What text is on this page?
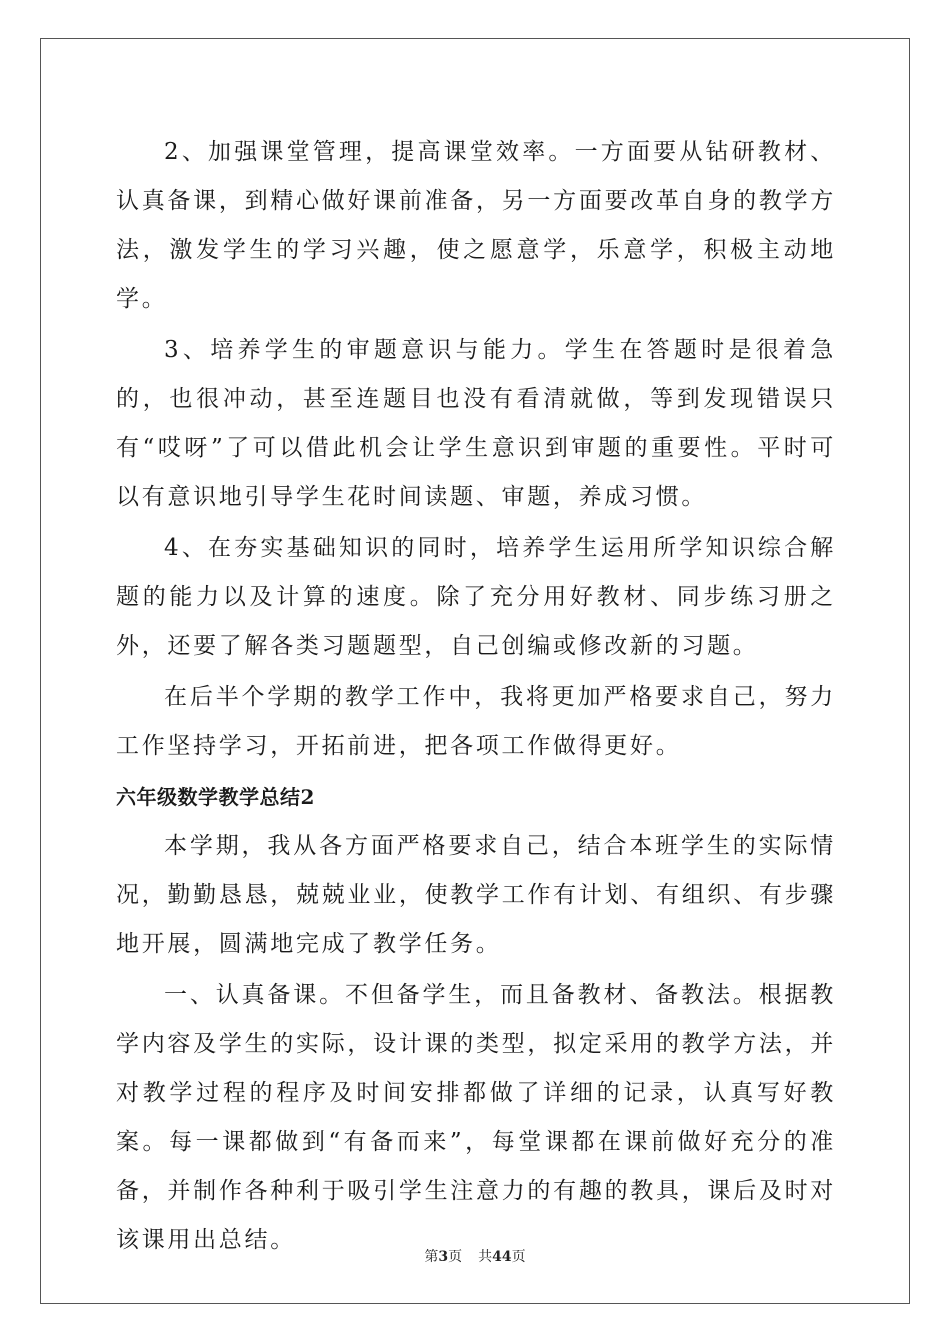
2、加强课堂管理，提高课堂效率。一方面要从钻研教材、认真备课，到精心做好课前准备，另一方面要改革自身的教学方法，激发学生的学习兴趣，使之愿意学，乐意学，积极主动地学。

3、培养学生的审题意识与能力。学生在答题时是很着急的，也很冲动，甚至连题目也没有看清就做，等到发现错误只有“哎呀”了可以借此机会让学生意识到审题的重要性。平时可以有意识地引导学生花时间读题、审题，养成习惯。

4、在夯实基础知识的同时，培养学生运用所学知识综合解题的能力以及计算的速度。除了充分用好教材、同步练习册之外，还要了解各类习题题型，自己创编或修改新的习题。

在后半个学期的教学工作中，我将更加严格要求自己，努力工作坚持学习，开拓前进，把各项工作做得更好。

六年级数学教学总结2

本学期，我从各方面严格要求自己，结合本班学生的实际情况，勤勤恳恳，兢兢业业，使教学工作有计划、有组织、有步骤地开展，圆满地完成了教学任务。

一、认真备课。不但备学生，而且备教材、备教法。根据教学内容及学生的实际，设计课的类型，拟定采用的教学方法，并对教学过程的程序及时间安排都做了详细的记录，认真写好教案。每一课都做到“有备而来”，每堂课都在课前做好充分的准备，并制作各种利于吸引学生注意力的有趣的教具，课后及时对该课用出总结。

第3页 共44页
